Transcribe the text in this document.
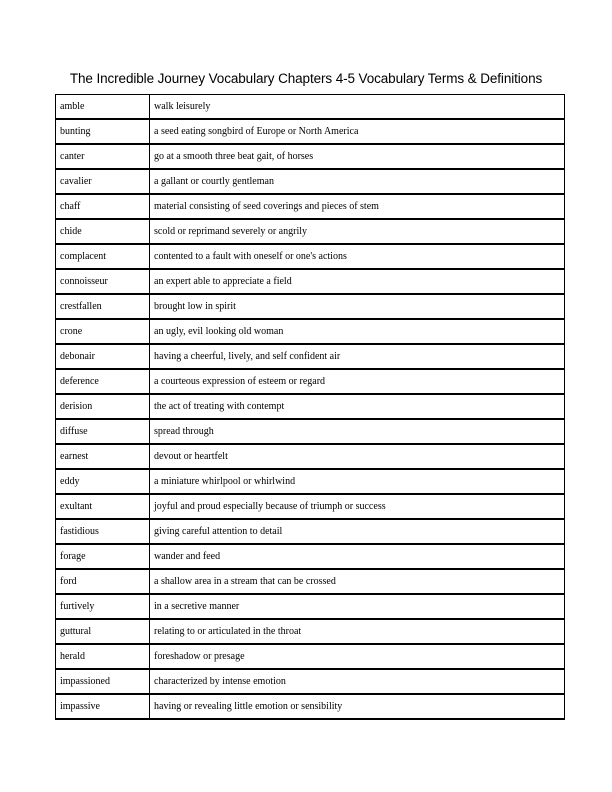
The Incredible Journey Vocabulary Chapters 4-5 Vocabulary Terms & Definitions
amble	walk leisurely
bunting	a seed eating songbird of Europe or North America
canter	go at a smooth three beat gait, of horses
cavalier	a gallant or courtly gentleman
chaff	material consisting of seed coverings and pieces of stem
chide	scold or reprimand severely or angrily
complacent	contented to a fault with oneself or one's actions
connoisseur	an expert able to appreciate a field
crestfallen	brought low in spirit
crone	an ugly, evil looking old woman
debonair	having a cheerful, lively, and self confident air
deference	a courteous expression of esteem or regard
derision	the act of treating with contempt
diffuse	spread through
earnest	devout or heartfelt
eddy	a miniature whirlpool or whirlwind
exultant	joyful and proud especially because of triumph or success
fastidious	giving careful attention to detail
forage	wander and feed
ford	a shallow area in a stream that can be crossed
furtively	in a secretive manner
guttural	relating to or articulated in the throat
herald	foreshadow or presage
impassioned	characterized by intense emotion
impassive	having or revealing little emotion or sensibility
